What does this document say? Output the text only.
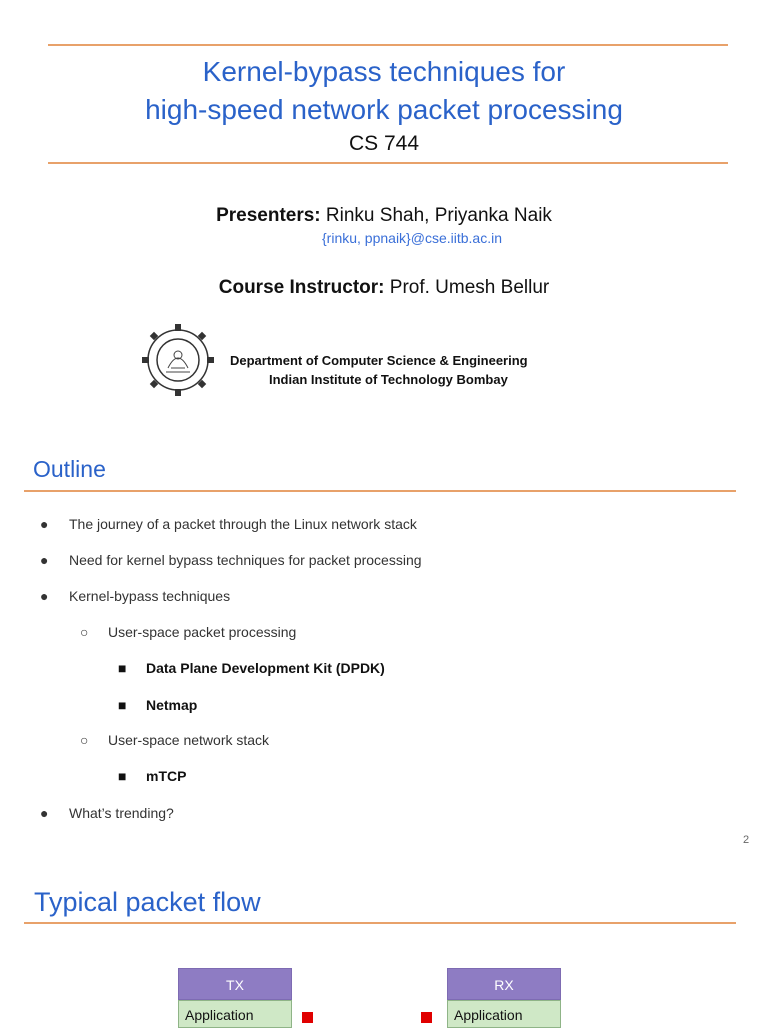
Kernel-bypass techniques for
high-speed network packet processing
CS 744
Presenters: Rinku Shah, Priyanka Naik
{rinku, ppnaik}@cse.iitb.ac.in
Course Instructor: Prof. Umesh Bellur
Department of Computer Science & Engineering
Indian Institute of Technology Bombay
Outline
● The journey of a packet through the Linux network stack
● Need for kernel bypass techniques for packet processing
● Kernel-bypass techniques
○ User-space packet processing
■ Data Plane Development Kit (DPDK)
■ Netmap
○ User-space network stack
■ mTCP
● What’s trending?
2
Typical packet flow
TX
Application
RX
Application
